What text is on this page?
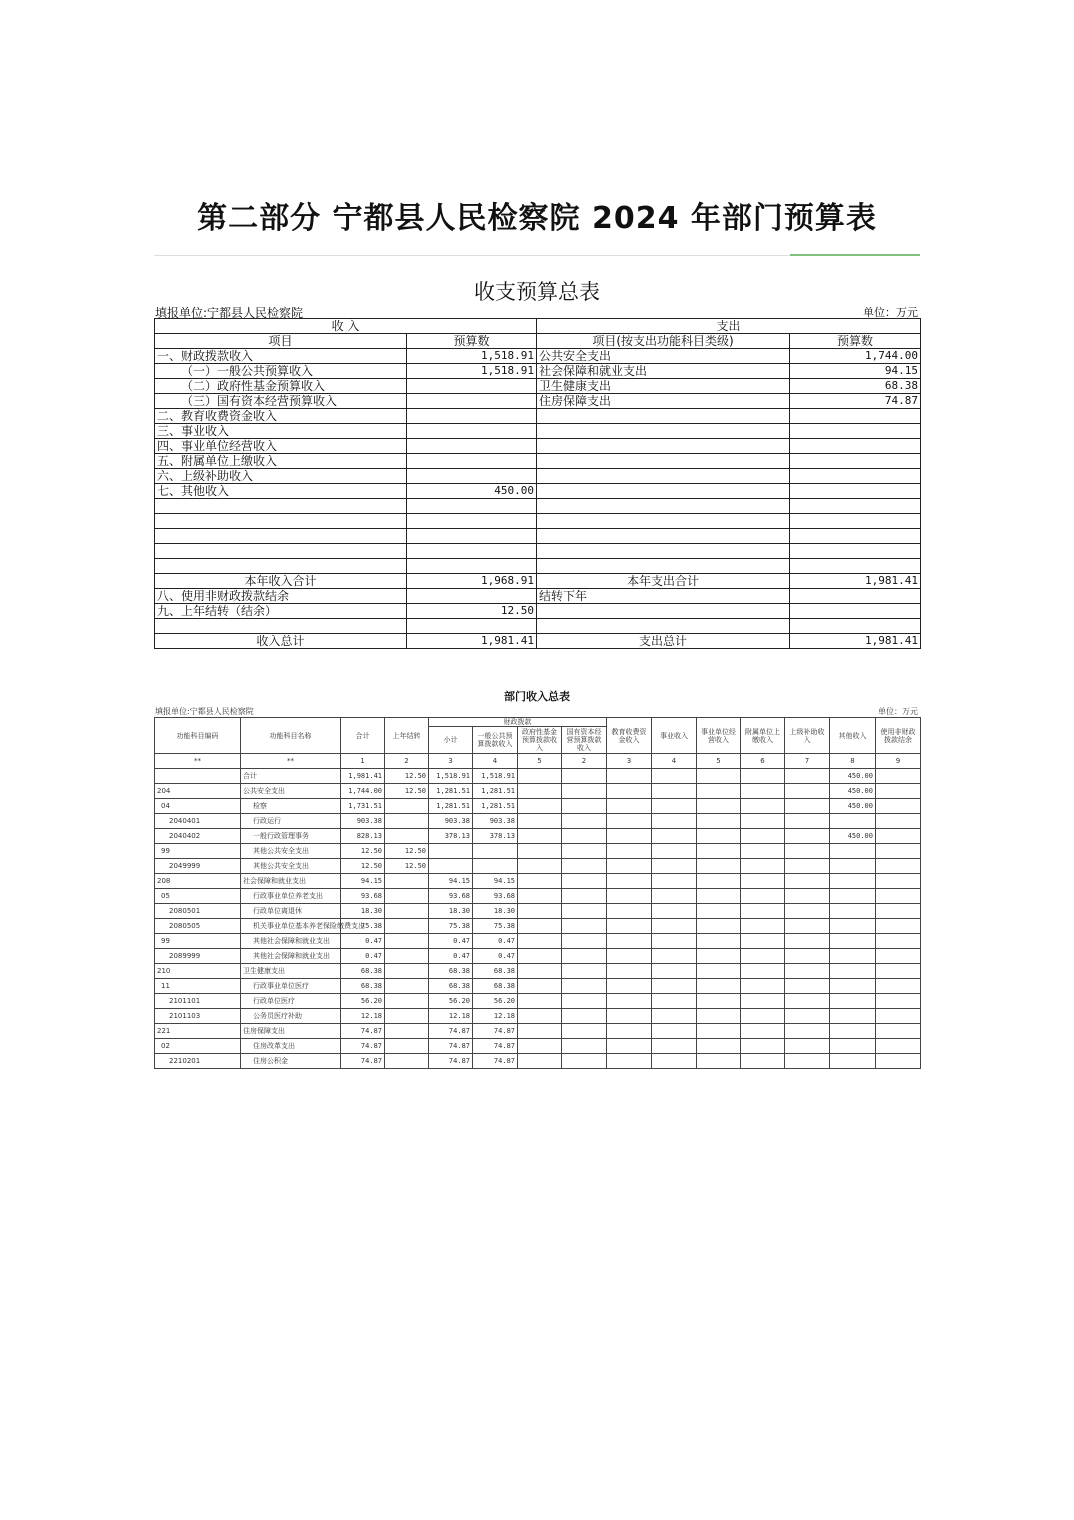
第二部分 宁都县人民检察院 2024 年部门预算表
收支预算总表
填报单位:宁都县人民检察院	单位：万元
收 入		支出	
项目	预算数	项目(按支出功能科目类级)	预算数
一、财政拨款收入	1,518.91	公共安全支出	1,744.00
（一）一般公共预算收入	1,518.91	社会保障和就业支出	94.15
（二）政府性基金预算收入		卫生健康支出	68.38
（三）国有资本经营预算收入		住房保障支出	74.87
二、教育收费资金收入			
三、事业收入			
四、事业单位经营收入			
五、附属单位上缴收入			
六、上级补助收入			
七、其他收入	450.00		

本年收入合计	1,968.91	本年支出合计	1,981.41
八、使用非财政拨款结余		结转下年	
九、上年结转（结余）	12.50		

收入总计	1,981.41	支出总计	1,981.41
部门收入总表
填报单位:宁都县人民检察院	单位：万元
功能科目编码	功能科目名称	合计	上年结转	财政拨款				教育收费资金收入	事业收入	事业单位经营收入	附属单位上缴收入	上级补助收入	其他收入	使用非财政拨款结余
				小计	一般公共预算拨款收入	政府性基金预算拨款收入	国有资本经营预算拨款收入							
**	**	1	2	3	4	5	2	3	4	5	6	7	8	9
	合计	1,981.41	12.50	1,518.91	1,518.91								450.00	
204	公共安全支出	1,744.00	12.50	1,281.51	1,281.51								450.00	
04	检察	1,731.51		1,281.51	1,281.51								450.00	
2040401	行政运行	903.38		903.38	903.38									
2040402	一般行政管理事务	828.13		378.13	378.13								450.00	
99	其他公共安全支出	12.50	12.50											
2049999	其他公共安全支出	12.50	12.50											
208	社会保障和就业支出	94.15		94.15	94.15									
05	行政事业单位养老支出	93.68		93.68	93.68									
2080501	行政单位离退休	18.30		18.30	18.30									
2080505	机关事业单位基本养老保险缴费支出	75.38		75.38	75.38									
99	其他社会保障和就业支出	0.47		0.47	0.47									
2089999	其他社会保障和就业支出	0.47		0.47	0.47									
210	卫生健康支出	68.38		68.38	68.38									
11	行政事业单位医疗	68.38		68.38	68.38									
2101101	行政单位医疗	56.20		56.20	56.20									
2101103	公务员医疗补助	12.18		12.18	12.18									
221	住房保障支出	74.87		74.87	74.87									
02	住房改革支出	74.87		74.87	74.87									
2210201	住房公积金	74.87		74.87	74.87									
